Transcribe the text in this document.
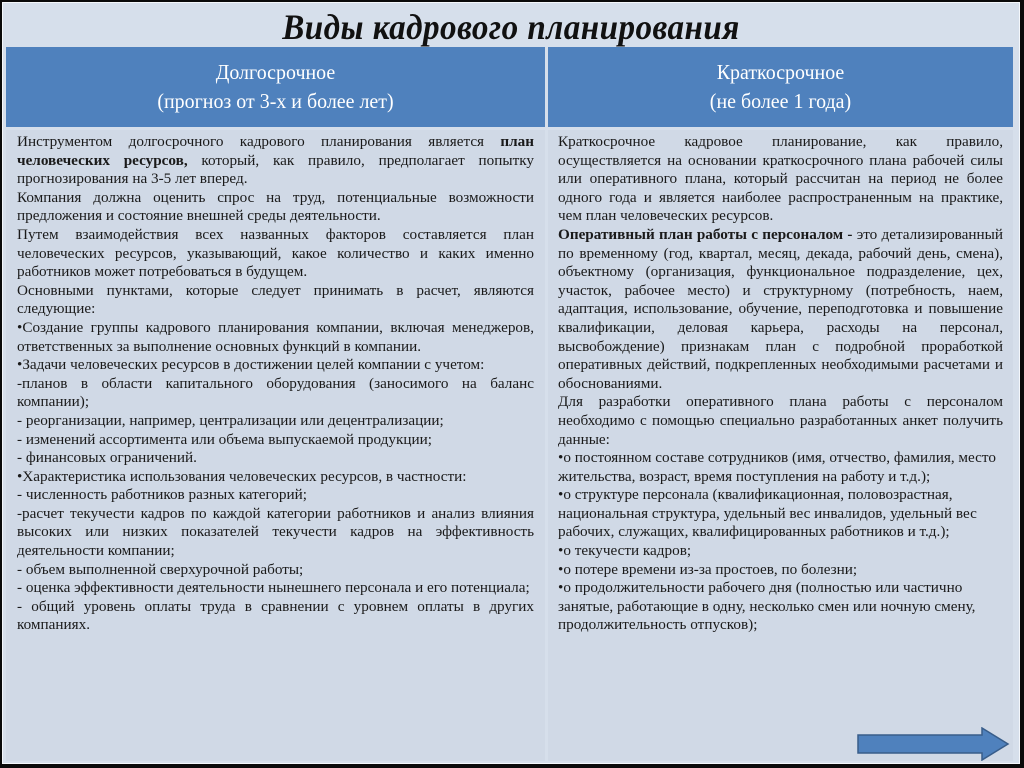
Виды кадрового планирования
Долгосрочное
(прогноз от 3-х и более лет)
Краткосрочное
(не более 1 года)

Инструментом долгосрочного кадрового планирования является план человеческих ресурсов, который, как правило, предполагает попытку прогнозирования на 3-5 лет вперед.

Компания должна оценить спрос на труд, потенциальные возможности предложения и состояние внешней среды деятельности.

Путем взаимодействия всех названных факторов составляется план человеческих ресурсов, указывающий, какое количество и каких именно работников может потребоваться в будущем.

Основными пунктами, которые следует принимать в расчет, являются следующие:

•Создание группы кадрового планирования компании, включая менеджеров, ответственных за выполнение основных функций в компании.

•Задачи человеческих ресурсов в достижении целей компании с учетом:

-планов в области капитального оборудования (заносимого на баланс компании);

- реорганизации, например, централизации или децентрализации;

- изменений ассортимента или объема выпускаемой продукции;

- финансовых ограничений.

•Характеристика использования человеческих ресурсов, в частности:

- численность работников разных категорий;

-расчет текучести кадров по каждой категории работников и анализ влияния высоких или низких показателей текучести кадров на эффективность деятельности компании;

- объем выполненной сверхурочной работы;

- оценка эффективности деятельности нынешнего персонала и его потенциала;

- общий уровень оплаты труда в сравнении с уровнем оплаты в других компаниях.

Краткосрочное кадровое планирование, как правило, осуществляется на основании краткосрочного плана рабочей силы или оперативного плана, который рассчитан на период не более одного года и является наиболее распространенным на практике, чем план человеческих ресурсов.

Оперативный план работы с персоналом - это детализированный по временному (год, квартал, месяц, декада, рабочий день, смена), объектному (организация, функциональное подразделение, цех, участок, рабочее место) и структурному (потребность, наем, адаптация, использование, обучение, переподготовка и повышение квалификации, деловая карьера, расходы на персонал, высвобождение) признакам план с подробной проработкой оперативных действий, подкрепленных необходимыми расчетами и обоснованиями.

Для разработки оперативного плана работы с персоналом необходимо с помощью специально разработанных анкет получить данные:

•о постоянном составе сотрудников (имя, отчество, фамилия, место жительства, возраст, время поступления на работу и т.д.);

•о структуре персонала (квалификационная, половозрастная, национальная структура, удельный вес инвалидов, удельный вес рабочих, служащих, квалифицированных работников и т.д.);

•о текучести кадров;

•о потере времени из-за простоев, по болезни;

•о продолжительности рабочего дня (полностью или частично занятые, работающие в одну, несколько смен или ночную смену, продолжительность отпусков);
